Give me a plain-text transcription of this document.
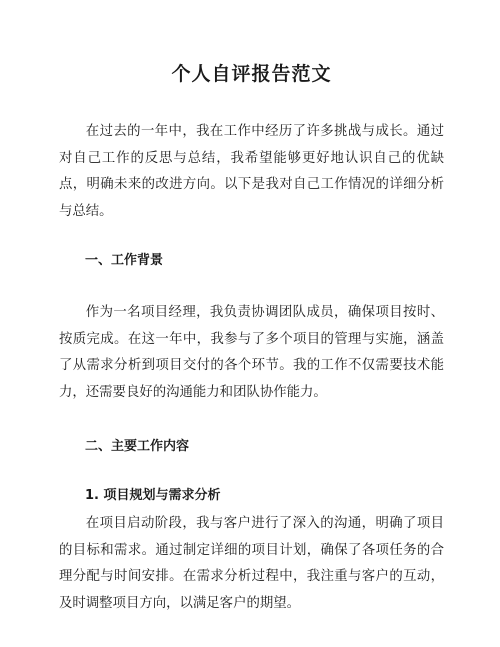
个人自评报告范文

在过去的一年中，我在工作中经历了许多挑战与成长。通过对自己工作的反思与总结，我希望能够更好地认识自己的优缺点，明确未来的改进方向。以下是我对自己工作情况的详细分析与总结。

一、工作背景

作为一名项目经理，我负责协调团队成员，确保项目按时、按质完成。在这一年中，我参与了多个项目的管理与实施，涵盖了从需求分析到项目交付的各个环节。我的工作不仅需要技术能力，还需要良好的沟通能力和团队协作能力。

二、主要工作内容
1. 项目规划与需求分析

在项目启动阶段，我与客户进行了深入的沟通，明确了项目的目标和需求。通过制定详细的项目计划，确保了各项任务的合理分配与时间安排。在需求分析过程中，我注重与客户的互动，及时调整项目方向，以满足客户的期望。
